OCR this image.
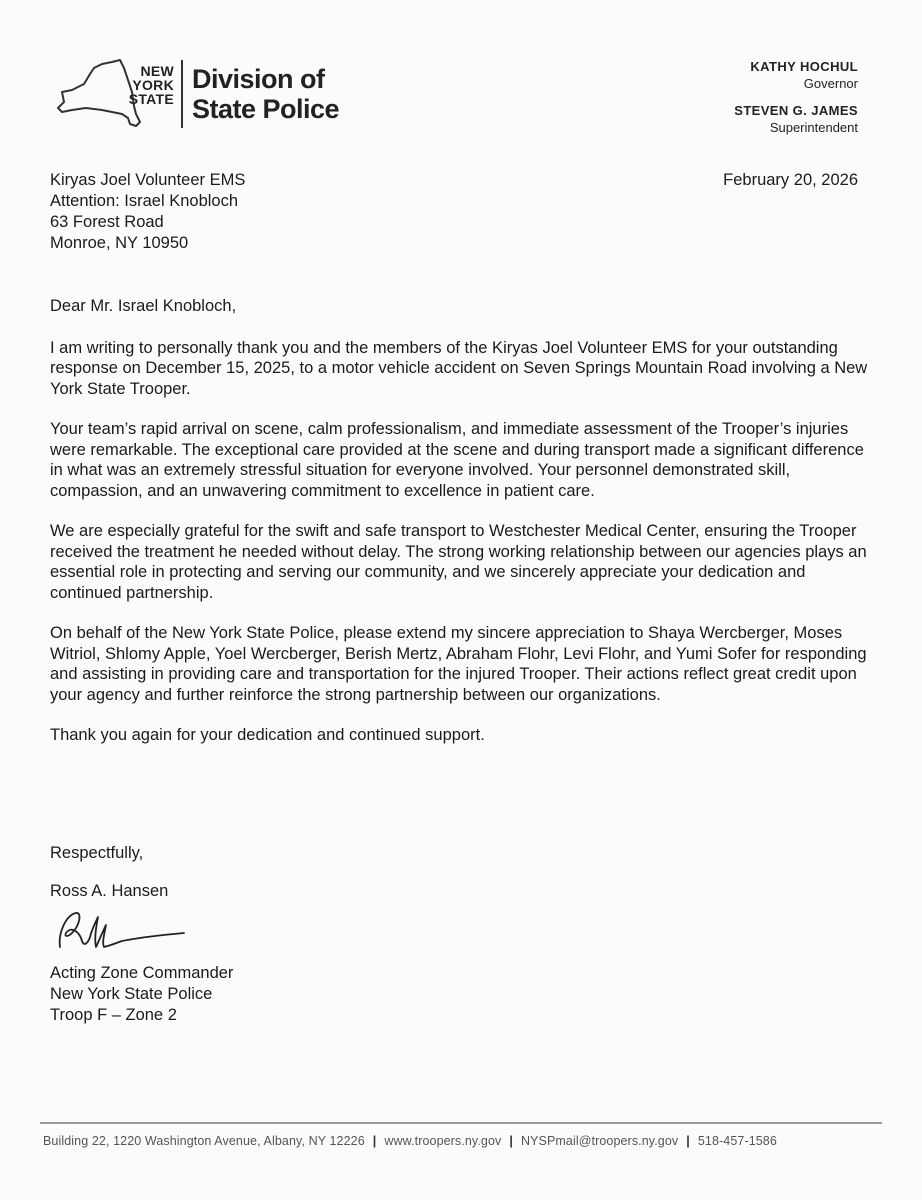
NEW
YORK
STATE
Division of
State Police
KATHY HOCHUL
Governor
STEVEN G. JAMES
Superintendent
Kiryas Joel Volunteer EMS
Attention: Israel Knobloch
63 Forest Road
Monroe, NY 10950
February 20, 2026

Dear Mr. Israel Knobloch,

I am writing to personally thank you and the members of the Kiryas Joel Volunteer EMS for your outstanding response on December 15, 2025, to a motor vehicle accident on Seven Springs Mountain Road involving a New York State Trooper.

Your team’s rapid arrival on scene, calm professionalism, and immediate assessment of the Trooper’s injuries were remarkable. The exceptional care provided at the scene and during transport made a significant difference in what was an extremely stressful situation for everyone involved. Your personnel demonstrated skill, compassion, and an unwavering commitment to excellence in patient care.

We are especially grateful for the swift and safe transport to Westchester Medical Center, ensuring the Trooper received the treatment he needed without delay. The strong working relationship between our agencies plays an essential role in protecting and serving our community, and we sincerely appreciate your dedication and continued partnership.

On behalf of the New York State Police, please extend my sincere appreciation to Shaya Wercberger, Moses Witriol, Shlomy Apple, Yoel Wercberger, Berish Mertz, Abraham Flohr, Levi Flohr, and Yumi Sofer for responding and assisting in providing care and transportation for the injured Trooper. Their actions reflect great credit upon your agency and further reinforce the strong partnership between our organizations.

Thank you again for your dedication and continued support.

Respectfully,
Ross A. Hansen
Acting Zone Commander
New York State Police
Troop F – Zone 2
Building 22, 1220 Washington Avenue, Albany, NY 12226 | www.troopers.ny.gov | NYSPmail@troopers.ny.gov | 518-457-1586
